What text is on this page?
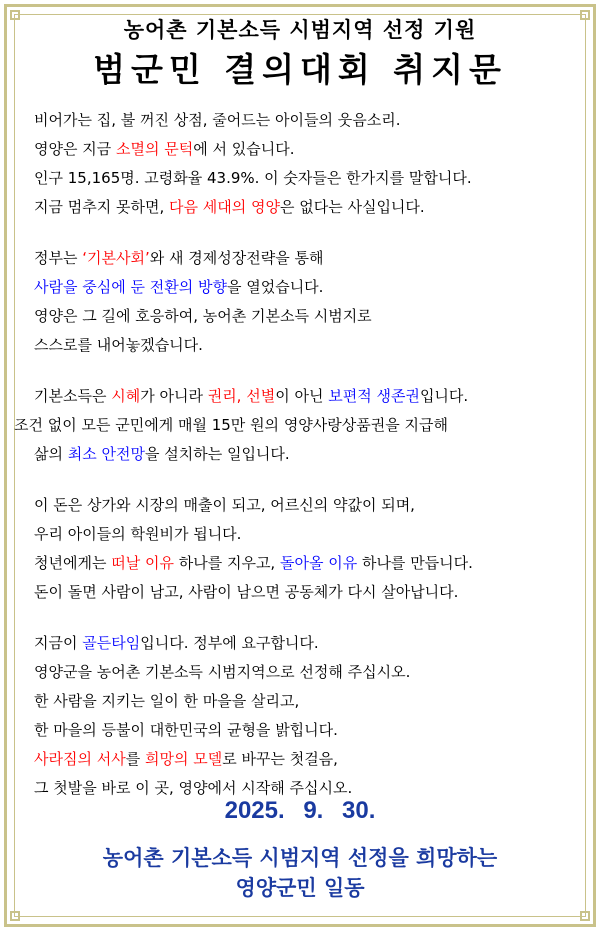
농어촌 기본소득 시범지역 선정 기원
범군민 결의대회 취지문
비어가는 집, 불 꺼진 상점, 줄어드는 아이들의 웃음소리.
영양은 지금 소멸의 문턱에 서 있습니다.
인구 15,165명. 고령화율 43.9%. 이 숫자들은 한가지를 말합니다.
지금 멈추지 못하면, 다음 세대의 영양은 없다는 사실입니다.
정부는 ‘기본사회’와 새 경제성장전략을 통해
사람을 중심에 둔 전환의 방향을 열었습니다.
영양은 그 길에 호응하여, 농어촌 기본소득 시범지로
스스로를 내어놓겠습니다.
기본소득은 시혜가 아니라 권리, 선별이 아닌 보편적 생존권입니다.
조건 없이 모든 군민에게 매월 15만 원의 영양사랑상품권을 지급해
삶의 최소 안전망을 설치하는 일입니다.
이 돈은 상가와 시장의 매출이 되고, 어르신의 약값이 되며,
우리 아이들의 학원비가 됩니다.
청년에게는 떠날 이유 하나를 지우고, 돌아올 이유 하나를 만듭니다.
돈이 돌면 사람이 남고, 사람이 남으면 공동체가 다시 살아납니다.
지금이 골든타임입니다. 정부에 요구합니다.
영양군을 농어촌 기본소득 시범지역으로 선정해 주십시오.
한 사람을 지키는 일이 한 마을을 살리고,
한 마을의 등불이 대한민국의 균형을 밝힙니다.
사라짐의 서사를 희망의 모델로 바꾸는 첫걸음,
그 첫발을 바로 이 곳, 영양에서 시작해 주십시오.
2025. 9. 30.
농어촌 기본소득 시범지역 선정을 희망하는
영양군민 일동
